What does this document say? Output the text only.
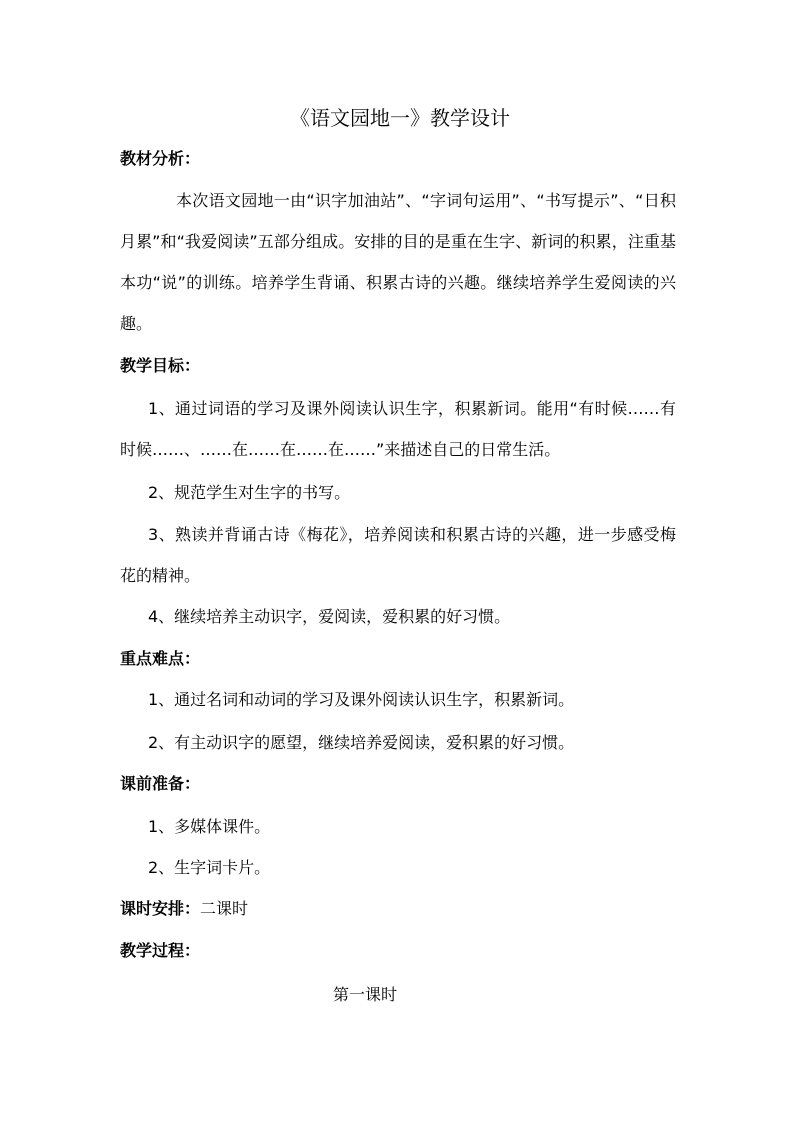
《语文园地一》教学设计
教材分析：
本次语文园地一由“识字加油站”、“字词句运用”、“书写提示”、“日积月累”和“我爱阅读”五部分组成。安排的目的是重在生字、新词的积累，注重基本功“说”的训练。培养学生背诵、积累古诗的兴趣。继续培养学生爱阅读的兴趣。
教学目标：
1、通过词语的学习及课外阅读认识生字，积累新词。能用“有时候……有时候……、……在……在……在……”来描述自己的日常生活。
2、规范学生对生字的书写。
3、熟读并背诵古诗《梅花》，培养阅读和积累古诗的兴趣，进一步感受梅花的精神。
4、继续培养主动识字，爱阅读，爱积累的好习惯。
重点难点：
1、通过名词和动词的学习及课外阅读认识生字，积累新词。
2、有主动识字的愿望，继续培养爱阅读，爱积累的好习惯。
课前准备：
1、多媒体课件。
2、生字词卡片。
课时安排：二课时
教学过程：
第一课时
